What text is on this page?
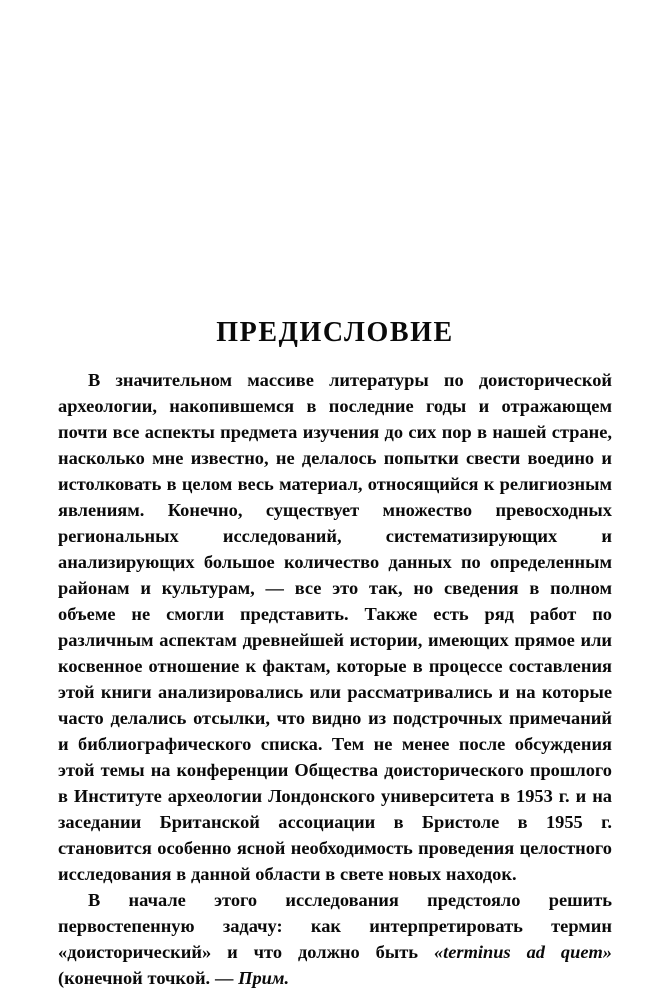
ПРЕДИСЛОВИЕ

В значительном массиве литературы по доисторической археологии, накопившемся в последние годы и отражающем почти все аспекты предмета изучения до сих пор в нашей стране, насколько мне известно, не делалось попытки свести воедино и истолковать в целом весь материал, относящийся к религиозным явлениям. Конечно, существует множество превосходных региональных исследований, систематизирующих и анализирующих большое количество данных по определенным районам и культурам, — все это так, но сведения в полном объеме не смогли представить. Также есть ряд работ по различным аспектам древнейшей истории, имеющих прямое или косвенное отношение к фактам, которые в процессе составления этой книги анализировались или рассматривались и на которые часто делались отсылки, что видно из подстрочных примечаний и библиографического списка. Тем не менее после обсуждения этой темы на конференции Общества доисторического прошлого в Институте археологии Лондонского университета в 1953 г. и на заседании Британской ассоциации в Бристоле в 1955 г. становится особенно ясной необходимость проведения целостного исследования в данной области в свете новых находок.

В начале этого исследования предстояло решить первостепенную задачу: как интерпретировать термин «доисторический» и что должно быть «terminus ad quem» (конечной точкой. — Прим.
